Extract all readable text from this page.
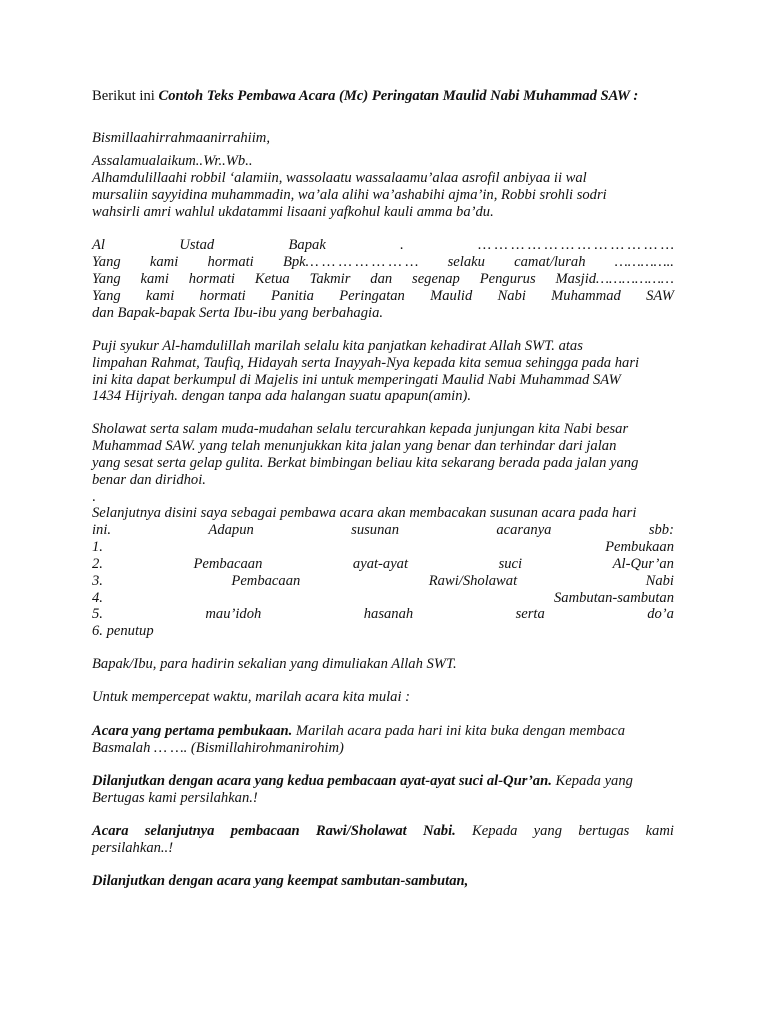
Berikut ini Contoh Teks Pembawa Acara (Mc) Peringatan Maulid Nabi Muhammad SAW :
Bismillaahirrahmaanirrahiim,
Assalamualaikum..Wr..Wb..
Alhamdulillaahi robbil ‘alamiin, wassolaatu wassalaamu’alaa asrofil anbiyaa ii wal
mursaliin sayyidina muhammadin, wa’ala alihi wa’ashabihi ajma’in, Robbi srohli sodri
wahsirli amri wahlul ukdatammi lisaani yafkohul kauli amma ba’du.
Al	Ustad	Bapak	.	… … … … … … … … … … … …
Yang kami hormati Bpk… … … … … … … selaku camat/lurah …………..
Yang kami hormati Ketua Takmir dan segenap Pengurus Masjid………………
Yang kami hormati Panitia Peringatan Maulid Nabi Muhammad SAW
dan Bapak-bapak Serta Ibu-ibu yang berbahagia.
Puji syukur Al-hamdulillah marilah selalu kita panjatkan kehadirat Allah SWT. atas
limpahan Rahmat, Taufiq, Hidayah serta Inayyah-Nya kepada kita semua sehingga pada hari
ini kita dapat berkumpul di Majelis ini untuk memperingati Maulid Nabi Muhammad SAW
1434 Hijriyah. dengan tanpa ada halangan suatu apapun(amin).
Sholawat serta salam muda-mudahan selalu tercurahkan kepada junjungan kita Nabi besar
Muhammad SAW. yang telah menunjukkan kita jalan yang benar dan terhindar dari jalan
yang sesat serta gelap gulita. Berkat bimbingan beliau kita sekarang berada pada jalan yang
benar dan diridhoi.
.
Selanjutnya disini saya sebagai pembawa acara akan membacakan susunan acara pada hari
ini.	Adapun	susunan	acaranya	sbb:
1.	Pembukaan
2.	Pembacaan	ayat-ayat	suci	Al-Qur’an
3.	Pembacaan	Rawi/Sholawat	Nabi
4.	Sambutan-sambutan
5.	mau’idoh	hasanah	serta	do’a
6. penutup
Bapak/Ibu, para hadirin sekalian yang dimuliakan Allah SWT.
Untuk mempercepat waktu, marilah acara kita mulai :
Acara yang pertama pembukaan. Marilah acara pada hari ini kita buka dengan membaca
Basmalah … …. (Bismillahirohmanirohim)
Dilanjutkan dengan acara yang kedua pembacaan ayat-ayat suci al-Qur’an. Kepada yang
Bertugas kami persilahkan.!
Acara selanjutnya pembacaan Rawi/Sholawat Nabi. Kepada yang bertugas kami
persilahkan..!
Dilanjutkan dengan acara yang keempat sambutan-sambutan,
